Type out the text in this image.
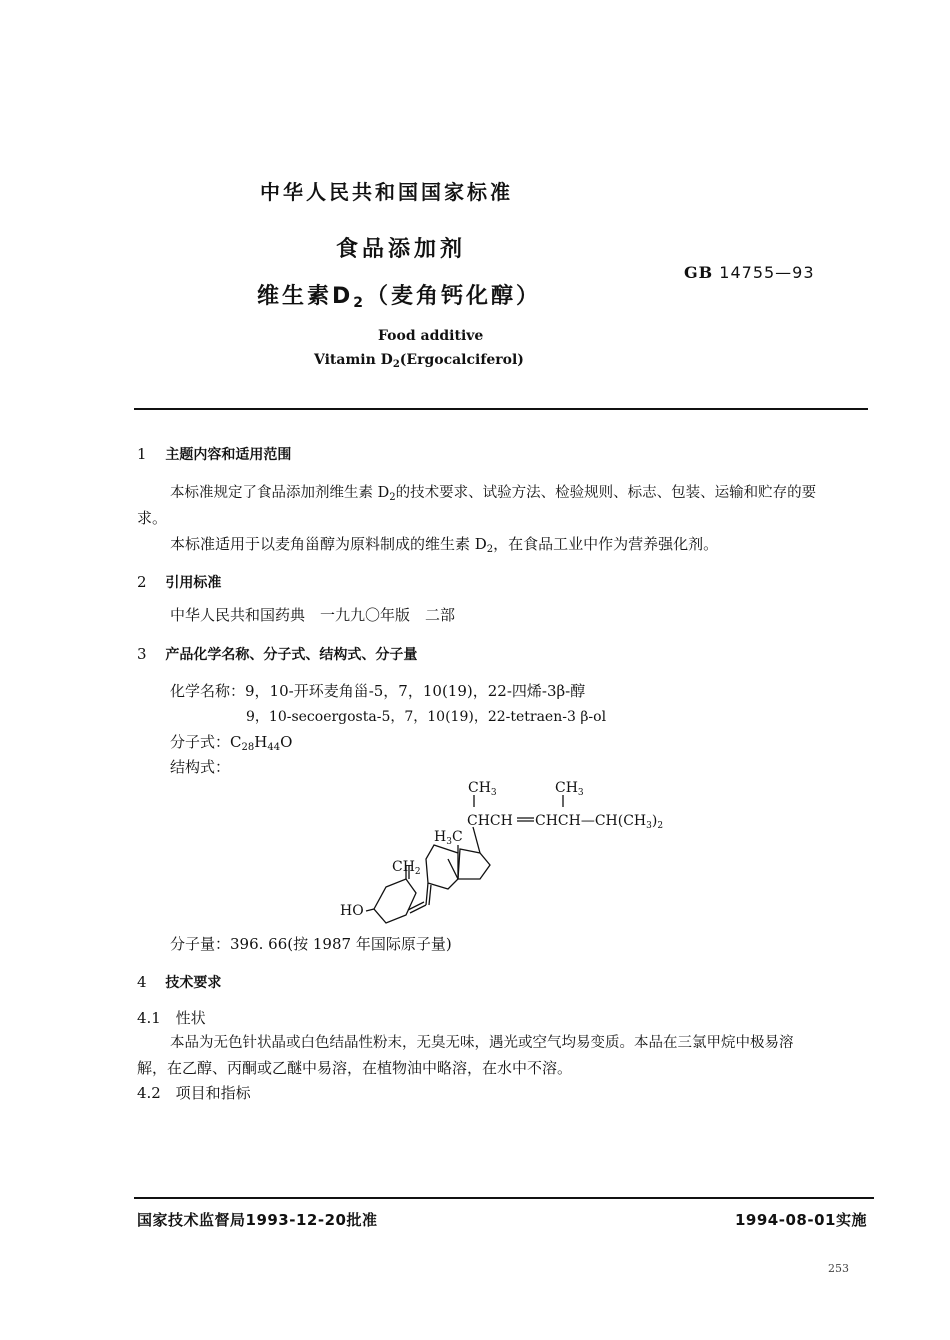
中华人民共和国国家标准
食品添加剂
维生素D2（麦角钙化醇）
GB 14755—93
Food additive
Vitamin $D_2(Ergocalciferol)$
1 主题内容和适用范围
本标准规定了食品添加剂维生素 $D_2$的技术要求、试验方法、检验规则、标志、包装、运输和贮存的要
求。
本标准适用于以麦角甾醇为原料制成的维生素 $D_2$，在食品工业中作为营养强化剂。
2 引用标准
中华人民共和国药典　一九九〇年版　二部
3 产品化学名称、分子式、结构式、分子量
化学名称：9，10-开环麦角甾-5，7，10(19)，22-四烯-3β-醇
9，10-secoergosta-5，7，10(19)，22-tetraen-3 β-ol
分子式：$C_{28}H_{44}O$
结构式：
$CH_3$	$CH_3$
CHCH $CHCH—CH(CH_3)_2$
$H_3C$
$CH_2$
HO
分子量：396. 66(按 1987 年国际原子量)
4 技术要求
4.1 性状
本品为无色针状晶或白色结晶性粉末，无臭无味，遇光或空气均易变质。本品在三氯甲烷中极易溶
解，在乙醇、丙酮或乙醚中易溶，在植物油中略溶，在水中不溶。
4.2 项目和指标
国家技术监督局1993-12-20批准	1994-08-01实施
253
